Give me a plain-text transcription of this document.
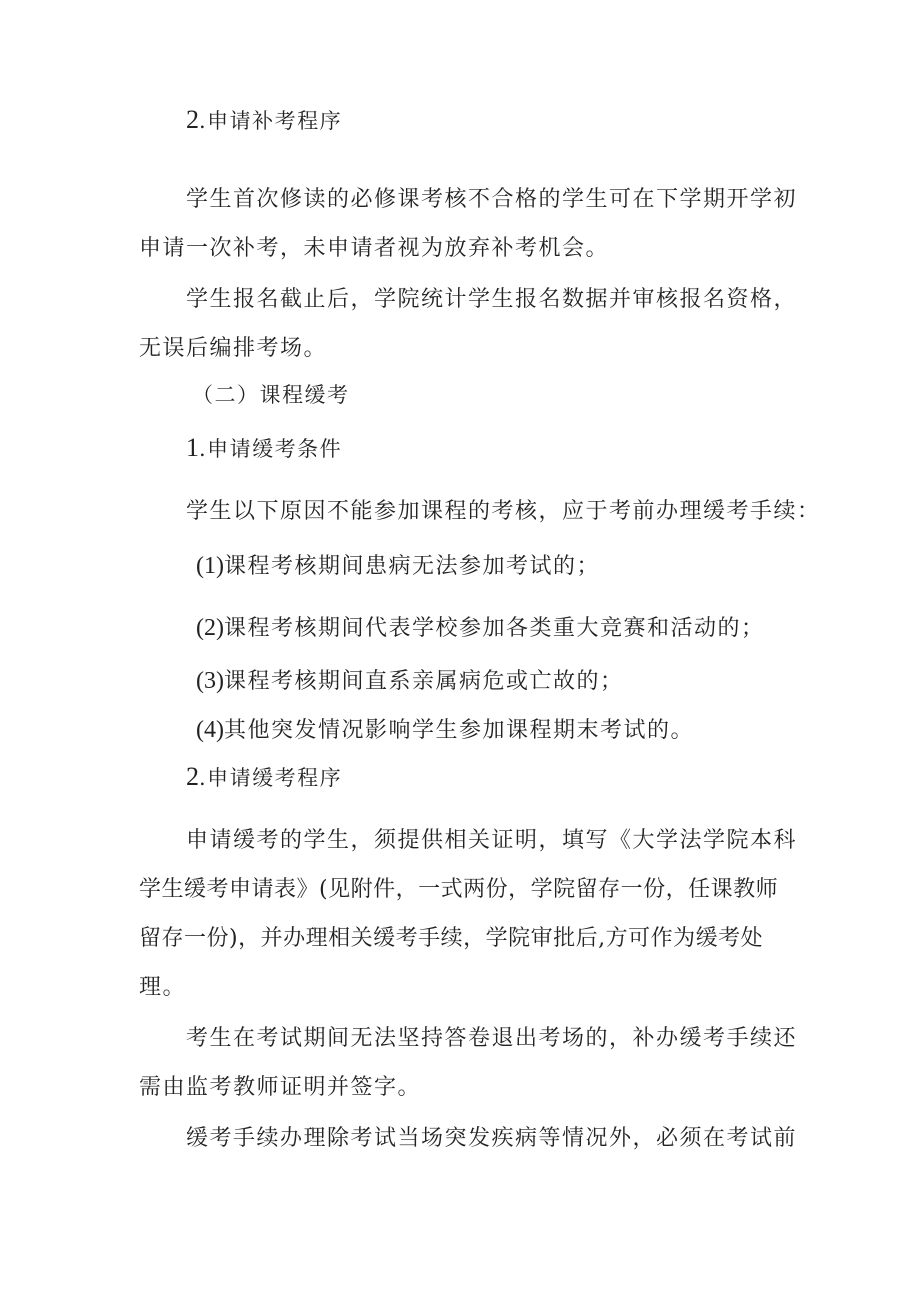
2.申请补考程序
学生首次修读的必修课考核不合格的学生可在下学期开学初
申请一次补考，未申请者视为放弃补考机会。
学生报名截止后，学院统计学生报名数据并审核报名资格，
无误后编排考场。
（二）课程缓考
1.申请缓考条件
学生以下原因不能参加课程的考核，应于考前办理缓考手续：
(1)课程考核期间患病无法参加考试的；
(2)课程考核期间代表学校参加各类重大竞赛和活动的；
(3)课程考核期间直系亲属病危或亡故的；
(4)其他突发情况影响学生参加课程期末考试的。
2.申请缓考程序
申请缓考的学生，须提供相关证明，填写《大学法学院本科
学生缓考申请表》(见附件，一式两份，学院留存一份，任课教师
留存一份)，并办理相关缓考手续，学院审批后,方可作为缓考处
理。
考生在考试期间无法坚持答卷退出考场的，补办缓考手续还
需由监考教师证明并签字。
缓考手续办理除考试当场突发疾病等情况外，必须在考试前
